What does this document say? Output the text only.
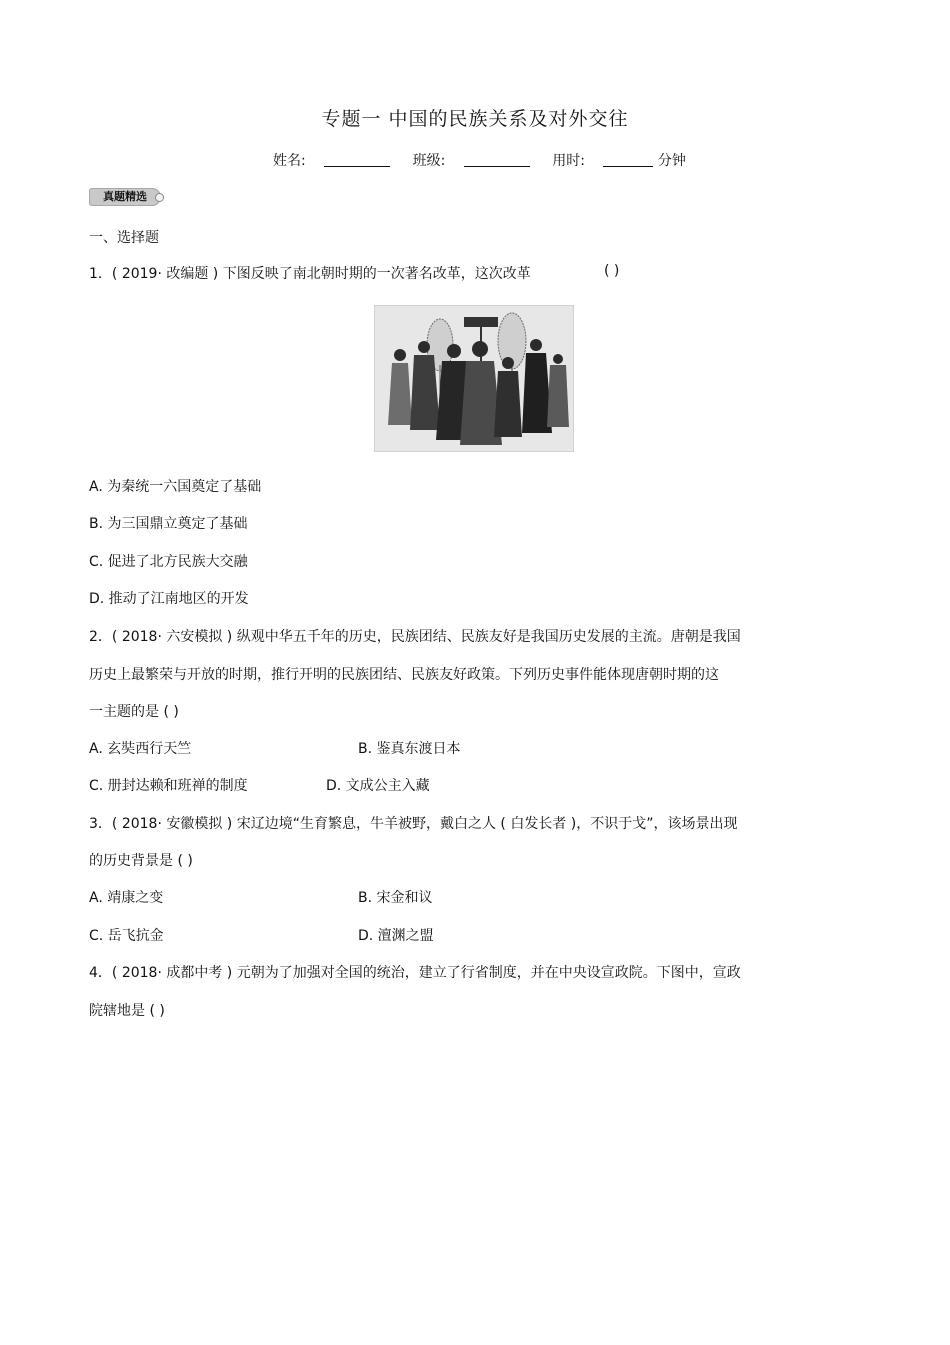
专题一 中国的民族关系及对外交往
姓名:	班级:	用时:	分钟
真题精选
一、选择题
1．( 2019· 改编题 ) 下图反映了南北朝时期的一次著名改革，这次改革	( )
A. 为秦统一六国奠定了基础
B. 为三国鼎立奠定了基础
C. 促进了北方民族大交融
D. 推动了江南地区的开发
2．( 2018· 六安模拟 ) 纵观中华五千年的历史，民族团结、民族友好是我国历史发展的主流。唐朝是我国
历史上最繁荣与开放的时期，推行开明的民族团结、民族友好政策。下列历史事件能体现唐朝时期的这
一主题的是 ( )
A. 玄奘西行天竺	B. 鉴真东渡日本
C. 册封达赖和班禅的制度	D. 文成公主入藏
3．( 2018· 安徽模拟 ) 宋辽边境“生育繁息，牛羊被野，戴白之人 ( 白发长者 )，不识于戈”，该场景出现
的历史背景是 ( )
A. 靖康之变	B. 宋金和议
C. 岳飞抗金	D. 澶渊之盟
4．( 2018· 成都中考 ) 元朝为了加强对全国的统治，建立了行省制度，并在中央设宣政院。下图中，宣政
院辖地是 ( )
